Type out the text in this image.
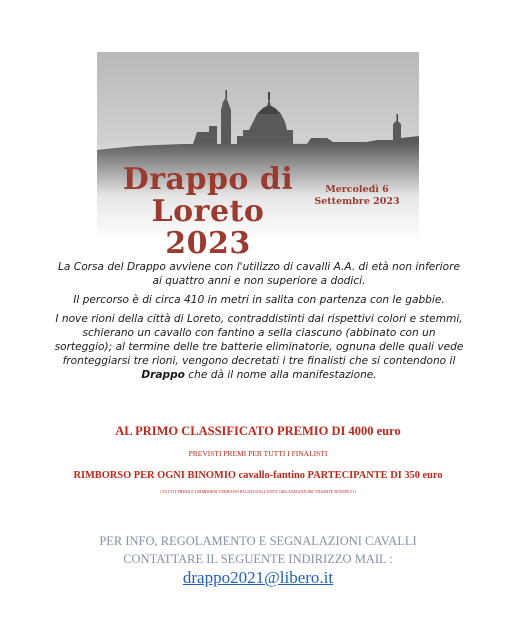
Drappo di
Loreto 2023
Mercoledì 6
Settembre 2023

La Corsa del Drappo avviene con l'utilizzo di cavalli A.A. di età non inferiore ai quattro anni e non superiore a dodici.

Il percorso è di circa 410 in metri in salita con partenza con le gabbie.

I nove rioni della città di Loreto, contraddistinti dai rispettivi colori e stemmi, schierano un cavallo con fantino a sella ciascuno (abbinato con un sorteggio); al termine delle tre batterie eliminatorie, ognuna delle quali vede fronteggiarsi tre rioni, vengono decretati i tre finalisti che si contendono il Drappo che dà il nome alla manifestazione.

AL PRIMO CLASSIFICATO PREMIO DI 4000 euro
PREVISTI PREMI PER TUTTI I FINALISTI
RIMBORSO PER OGNI BINOMIO cavallo-fantino PARTECIPANTE DI 350 euro
(TUTTI I PREMI E I RIMBORSI VERRANO PAGATI DALL'ENTE ORGANIZZATORE TRAMITE BONIFICO)
PER INFO, REGOLAMENTO E SEGNALAZIONI CAVALLI
CONTATTARE IL SEGUENTE INDIRIZZO MAIL :
drappo2021@libero.it
